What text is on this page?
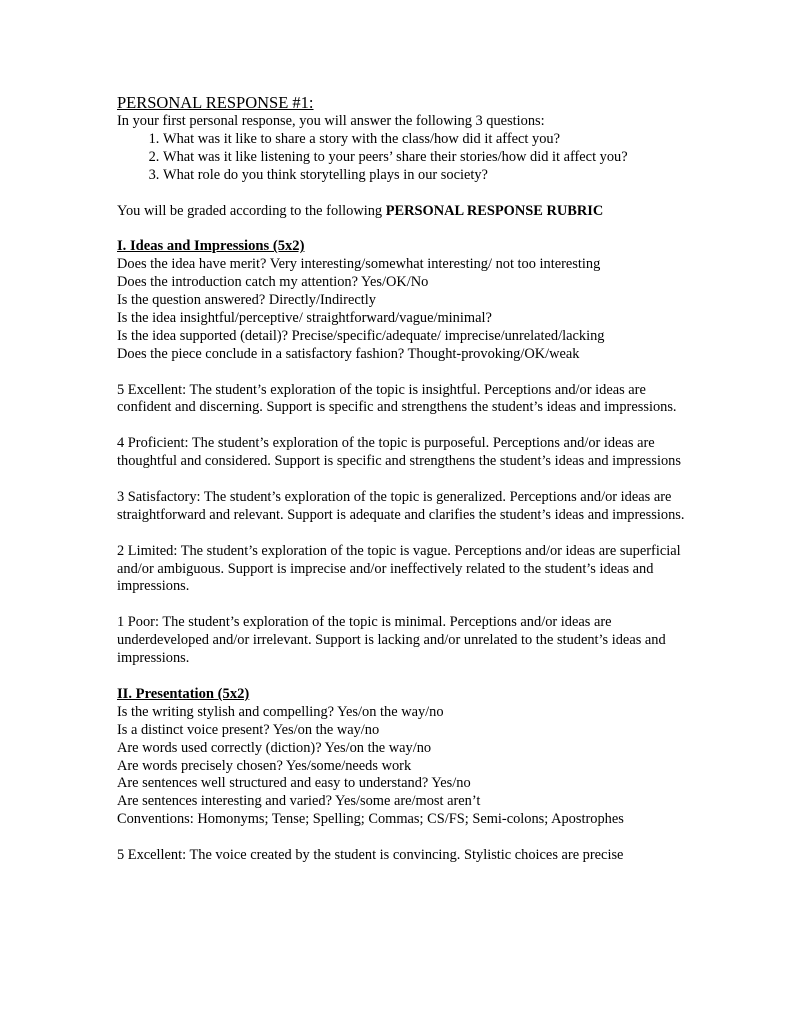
PERSONAL RESPONSE #1:

In your first personal response, you will answer the following 3 questions:

1. What was it like to share a story with the class/how did it affect you?
2. What was it like listening to your peers’ share their stories/how did it affect you?
3. What role do you think storytelling plays in our society?

You will be graded according to the following PERSONAL RESPONSE RUBRIC

I. Ideas and Impressions (5x2)

Does the idea have merit? Very interesting/somewhat interesting/ not too interesting

Does the introduction catch my attention? Yes/OK/No

Is the question answered? Directly/Indirectly

Is the idea insightful/perceptive/ straightforward/vague/minimal?

Is the idea supported (detail)? Precise/specific/adequate/ imprecise/unrelated/lacking

Does the piece conclude in a satisfactory fashion? Thought-provoking/OK/weak

5 Excellent: The student’s exploration of the topic is insightful. Perceptions and/or ideas are confident and discerning. Support is specific and strengthens the student’s ideas and impressions.

4 Proficient: The student’s exploration of the topic is purposeful. Perceptions and/or ideas are thoughtful and considered. Support is specific and strengthens the student’s ideas and impressions

3 Satisfactory: The student’s exploration of the topic is generalized. Perceptions and/or ideas are straightforward and relevant. Support is adequate and clarifies the student’s ideas and impressions.

2 Limited: The student’s exploration of the topic is vague. Perceptions and/or ideas are superficial and/or ambiguous. Support is imprecise and/or ineffectively related to the student’s ideas and impressions.

1 Poor: The student’s exploration of the topic is minimal. Perceptions and/or ideas are underdeveloped and/or irrelevant. Support is lacking and/or unrelated to the student’s ideas and impressions.

II. Presentation (5x2)

Is the writing stylish and compelling? Yes/on the way/no

Is a distinct voice present? Yes/on the way/no

Are words used correctly (diction)? Yes/on the way/no

Are words precisely chosen? Yes/some/needs work

Are sentences well structured and easy to understand? Yes/no

Are sentences interesting and varied? Yes/some are/most aren’t

Conventions: Homonyms; Tense; Spelling; Commas; CS/FS; Semi-colons; Apostrophes

5 Excellent: The voice created by the student is convincing. Stylistic choices are precise
